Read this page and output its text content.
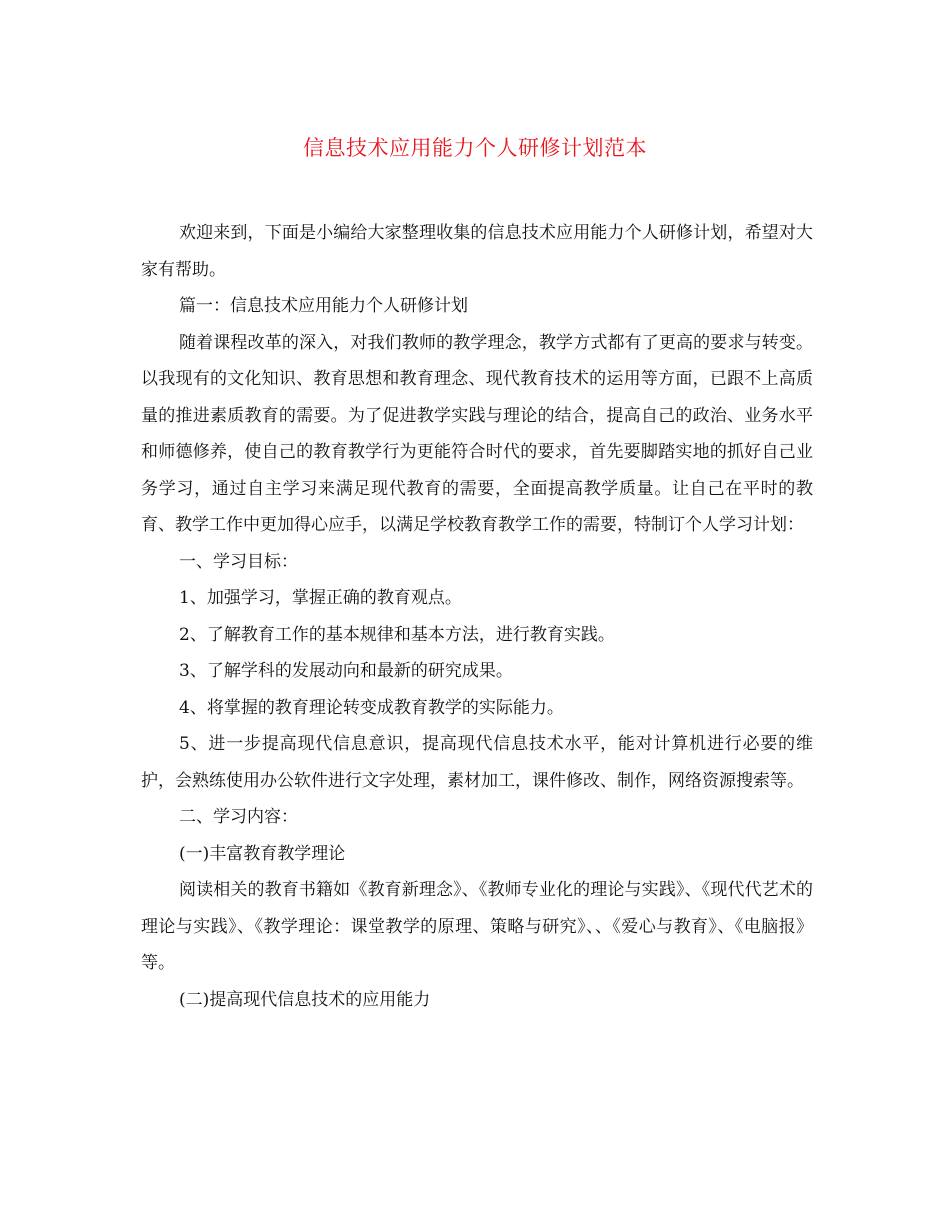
信息技术应用能力个人研修计划范本

欢迎来到，下面是小编给大家整理收集的信息技术应用能力个人研修计划，希望对大家有帮助。

篇一：信息技术应用能力个人研修计划

随着课程改革的深入，对我们教师的教学理念，教学方式都有了更高的要求与转变。以我现有的文化知识、教育思想和教育理念、现代教育技术的运用等方面，已跟不上高质量的推进素质教育的需要。为了促进教学实践与理论的结合，提高自己的政治、业务水平和师德修养，使自己的教育教学行为更能符合时代的要求，首先要脚踏实地的抓好自己业务学习，通过自主学习来满足现代教育的需要，全面提高教学质量。让自己在平时的教育、教学工作中更加得心应手，以满足学校教育教学工作的需要，特制订个人学习计划：

一、学习目标：

1、加强学习，掌握正确的教育观点。

2、了解教育工作的基本规律和基本方法，进行教育实践。

3、了解学科的发展动向和最新的研究成果。

4、将掌握的教育理论转变成教育教学的实际能力。

5、进一步提高现代信息意识，提高现代信息技术水平，能对计算机进行必要的维护，会熟练使用办公软件进行文字处理，素材加工，课件修改、制作，网络资源搜索等。

二、学习内容：

(一)丰富教育教学理论

阅读相关的教育书籍如《教育新理念》、《教师专业化的理论与实践》、《现代代艺术的理论与实践》、《教学理论：课堂教学的原理、策略与研究》、、《爱心与教育》、《电脑报》等。

(二)提高现代信息技术的应用能力
